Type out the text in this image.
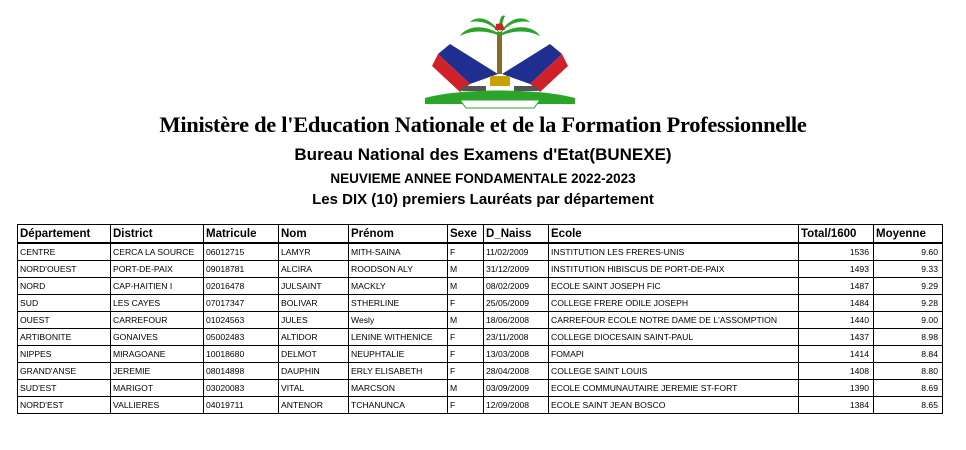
Ministère de l'Education Nationale et de la Formation Professionnelle
Bureau National des Examens d'Etat(BUNEXE)
NEUVIEME ANNEE FONDAMENTALE 2022-2023
Les DIX (10) premiers Lauréats par département
Département	District	Matricule	Nom	Prénom	Sexe	D_Naiss	Ecole	Total/1600	Moyenne
CENTRE	CERCA LA SOURCE	06012715	LAMYR	MITH-SAINA	F	11/02/2009	INSTITUTION LES FRERES-UNIS	1536	9.60
NORD'OUEST	PORT-DE-PAIX	09018781	ALCIRA	ROODSON ALY	M	31/12/2009	INSTITUTION HIBISCUS DE PORT-DE-PAIX	1493	9.33
NORD	CAP-HAITIEN I	02016478	JULSAINT	MACKLY	M	08/02/2009	ECOLE SAINT JOSEPH FIC	1487	9.29
SUD	LES CAYES	07017347	BOLIVAR	STHERLINE	F	25/05/2009	COLLEGE FRERE ODILE JOSEPH	1484	9.28
OUEST	CARREFOUR	01024563	JULES	Wesly	M	18/06/2008	CARREFOUR ECOLE NOTRE DAME DE L'ASSOMPTION	1440	9.00
ARTIBONITE	GONAIVES	05002483	ALTIDOR	LENINE WITHENICE	F	23/11/2008	COLLEGE DIOCESAIN SAINT-PAUL	1437	8.98
NIPPES	MIRAGOANE	10018680	DELMOT	NEUPHTALIE	F	13/03/2008	FOMAPI	1414	8.84
GRAND'ANSE	JEREMIE	08014898	DAUPHIN	ERLY ELISABETH	F	28/04/2008	COLLEGE SAINT LOUIS	1408	8.80
SUD'EST	MARIGOT	03020083	VITAL	MARCSON	M	03/09/2009	ECOLE COMMUNAUTAIRE JEREMIE ST-FORT	1390	8.69
NORD'EST	VALLIERES	04019711	ANTENOR	TCHANUNCA	F	12/09/2008	ECOLE SAINT JEAN BOSCO	1384	8.65
